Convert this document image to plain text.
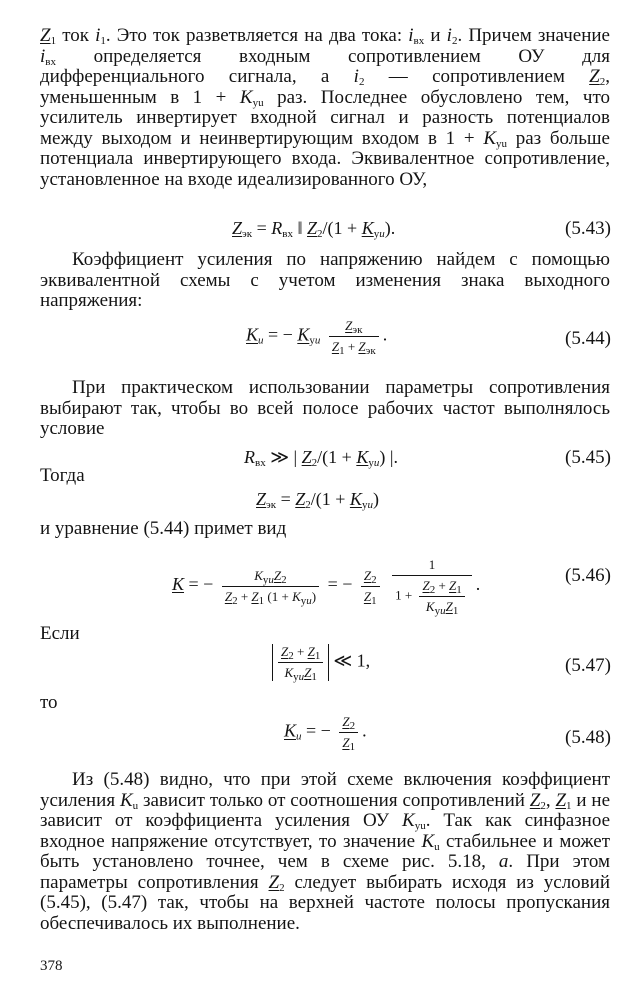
$Z_1$ ток $i_1$. Это ток разветвляется на два тока: $i_{вх}$ и $i_2$. Причем значение $i_{вх}$ определяется входным сопротивлением ОУ для дифференциального сигнала, а $i_2$ — сопротивлением $Z_2$, уменьшенным в $1 + K_{уu}$ раз. Последнее обусловлено тем, что усилитель инвертирует входной сигнал и разность потенциалов между выходом и неинвертирующим входом в $1 + K_{уu}$ раз больше потенциала инвертирующего входа. Эквивалентное сопротивление, установленное на входе идеализированного ОУ,

$Z_{эк} = R_{вх}$ ‖ $Z_2/(1 + K_{уu})$.	(5.43)

Коэффициент усиления по напряжению найдем с помощью эквивалентной схемы с учетом изменения знака выходного напряжения:

$K_u$ = − $K_{уu} \frac{Z_{эк}}{Z_1 + Z_{эк}}$ .	(5.44)

При практическом использовании параметры сопротивления выбирают так, чтобы во всей полосе рабочих частот выполнялось условие

$R_{вх}$ ≫ | $Z_2/(1 + K_{уu})$ |.	(5.45)
Тогда
$Z_{эк} = Z_2/(1 + K_{уu})$
и уравнение (5.44) примет вид
K = − $\frac{K_{уu}Z_2}{Z_2 + Z_1 (1 + K_{уu})}$ = − $\frac{Z_2}{Z_1}$
$\frac{1}{1 + \frac{Z_2 + Z_1}{K_{уu}Z_1}}$ .	(5.46)
Если
$\frac{Z_2 + Z_1}{K_{уu}Z_1}$ ≪ 1,	(5.47)
то
$K_u$ = − $\frac{Z_2}{Z_1}$ .	(5.48)

Из (5.48) видно, что при этой схеме включения коэффициент усиления $K_u$ зависит только от соотношения сопротивлений $Z_2$, $Z_1$ и не зависит от коэффициента усиления ОУ $K_{уu}$. Так как синфазное входное напряжение отсутствует, то значение $K_u$ стабильнее и может быть установлено точнее, чем в схеме рис. 5.18, а. При этом параметры сопротивления $Z_2$ следует выбирать исходя из условий (5.45), (5.47) так, чтобы на верхней частоте полосы пропускания обеспечивалось их выполнение.

378
